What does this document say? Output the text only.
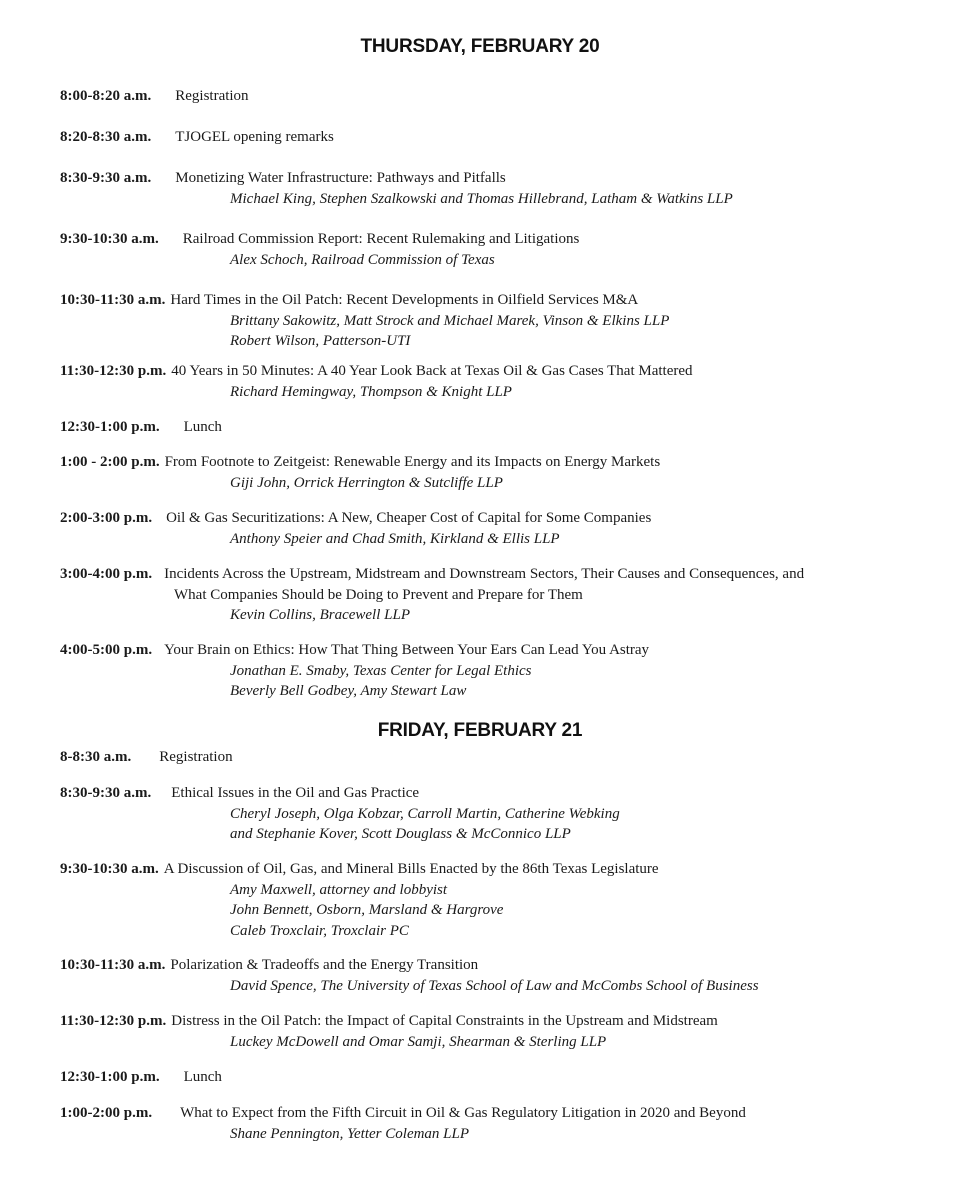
THURSDAY, FEBRUARY 20
8:00-8:20 a.m. Registration
8:20-8:30 a.m. TJOGEL opening remarks
8:30-9:30 a.m. Monetizing Water Infrastructure: Pathways and Pitfalls
Michael King, Stephen Szalkowski and Thomas Hillebrand, Latham & Watkins LLP
9:30-10:30 a.m. Railroad Commission Report: Recent Rulemaking and Litigations
Alex Schoch, Railroad Commission of Texas
10:30-11:30 a.m. Hard Times in the Oil Patch: Recent Developments in Oilfield Services M&A
Brittany Sakowitz, Matt Strock and Michael Marek, Vinson & Elkins LLP
Robert Wilson, Patterson-UTI
11:30-12:30 p.m. 40 Years in 50 Minutes: A 40 Year Look Back at Texas Oil & Gas Cases That Mattered
Richard Hemingway, Thompson & Knight LLP
12:30-1:00 p.m. Lunch
1:00 - 2:00 p.m. From Footnote to Zeitgeist: Renewable Energy and its Impacts on Energy Markets
Giji John, Orrick Herrington & Sutcliffe LLP
2:00-3:00 p.m. Oil & Gas Securitizations: A New, Cheaper Cost of Capital for Some Companies
Anthony Speier and Chad Smith, Kirkland & Ellis LLP
3:00-4:00 p.m. Incidents Across the Upstream, Midstream and Downstream Sectors, Their Causes and Consequences, and
What Companies Should be Doing to Prevent and Prepare for Them
Kevin Collins, Bracewell LLP
4:00-5:00 p.m. Your Brain on Ethics: How That Thing Between Your Ears Can Lead You Astray
Jonathan E. Smaby, Texas Center for Legal Ethics
Beverly Bell Godbey, Amy Stewart Law
FRIDAY, FEBRUARY 21
8-8:30 a.m. Registration
8:30-9:30 a.m. Ethical Issues in the Oil and Gas Practice
Cheryl Joseph, Olga Kobzar, Carroll Martin, Catherine Webking
and Stephanie Kover, Scott Douglass & McConnico LLP
9:30-10:30 a.m. A Discussion of Oil, Gas, and Mineral Bills Enacted by the 86th Texas Legislature
Amy Maxwell, attorney and lobbyist
John Bennett, Osborn, Marsland & Hargrove
Caleb Troxclair, Troxclair PC
10:30-11:30 a.m. Polarization & Tradeoffs and the Energy Transition
David Spence, The University of Texas School of Law and McCombs School of Business
11:30-12:30 p.m. Distress in the Oil Patch: the Impact of Capital Constraints in the Upstream and Midstream
Luckey McDowell and Omar Samji, Shearman & Sterling LLP
12:30-1:00 p.m. Lunch
1:00-2:00 p.m. What to Expect from the Fifth Circuit in Oil & Gas Regulatory Litigation in 2020 and Beyond
Shane Pennington, Yetter Coleman LLP
